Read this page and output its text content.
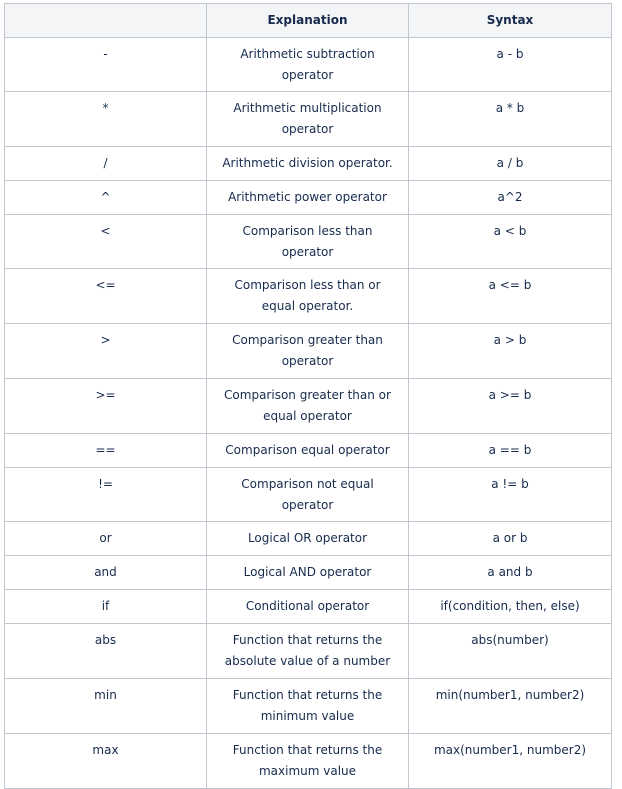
	Explanation	Syntax
-	Arithmetic subtraction operator	a - b
*	Arithmetic multiplication operator	a * b
/	Arithmetic division operator.	a / b
^	Arithmetic power operator	a^2
<	Comparison less than operator	a < b
<=	Comparison less than or equal operator.	a <= b
>	Comparison greater than operator	a > b
>=	Comparison greater than or equal operator	a >= b
==	Comparison equal operator	a == b
!=	Comparison not equal operator	a != b
or	Logical OR operator	a or b
and	Logical AND operator	a and b
if	Conditional operator	if(condition, then, else)
abs	Function that returns the absolute value of a number	abs(number)
min	Function that returns the minimum value	min(number1, number2)
max	Function that returns the maximum value	max(number1, number2)
